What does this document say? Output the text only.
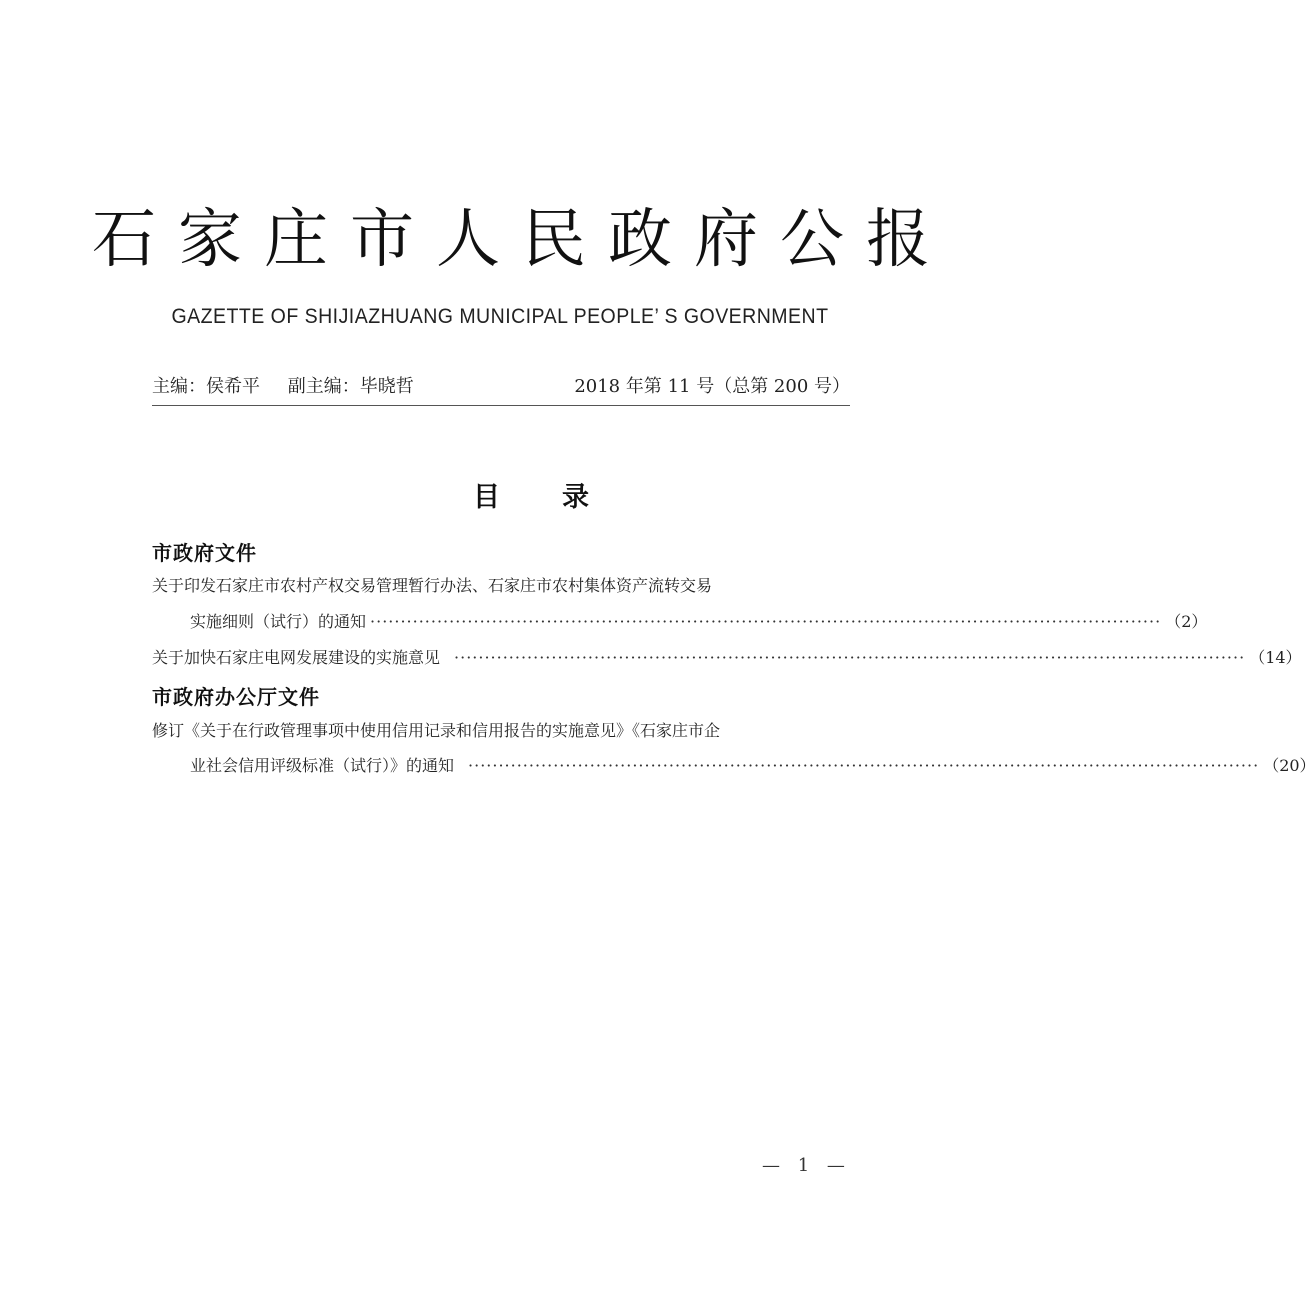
石家庄市人民政府公报
GAZETTE OF SHIJIAZHUANG MUNICIPAL PEOPLE’ S GOVERNMENT
主编：侯希平 副主编：毕晓哲	2018 年第 11 号（总第 200 号）
目录
市政府文件
关于印发石家庄市农村产权交易管理暂行办法、石家庄市农村集体资产流转交易
实施细则（试行）的通知 ·································································································································· （2）
关于加快石家庄电网发展建设的实施意见 ·································································································································· （14）
市政府办公厅文件
修订《关于在行政管理事项中使用信用记录和信用报告的实施意见》《石家庄市企
业社会信用评级标准（试行）》的通知 ·································································································································· （20）
— 1 —
